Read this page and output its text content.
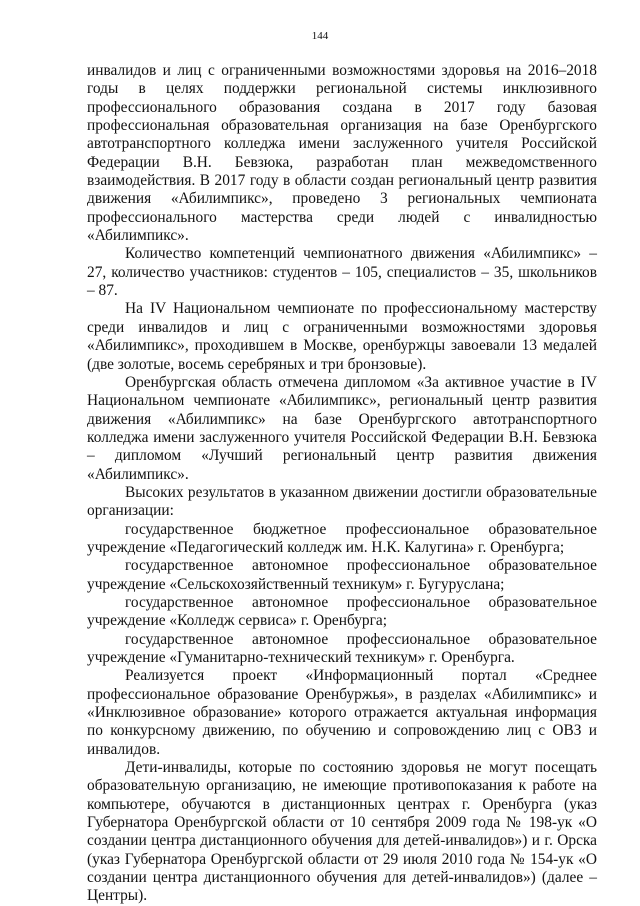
144

инвалидов и лиц с ограниченными возможностями здоровья на 2016–2018 годы в целях поддержки региональной системы инклюзивного профессионального образования создана в 2017 году базовая профессиональная образовательная организация на базе Оренбургского автотранспортного колледжа имени заслуженного учителя Российской Федерации В.Н. Бевзюка, разработан план межведомственного взаимодействия. В 2017 году в области создан региональный центр развития движения «Абилимпикс», проведено 3 региональных чемпионата профессионального мастерства среди людей с инвалидностью «Абилимпикс».

Количество компетенций чемпионатного движения «Абилимпикс» – 27, количество участников: студентов – 105, специалистов – 35, школьников – 87.

На IV Национальном чемпионате по профессиональному мастерству среди инвалидов и лиц с ограниченными возможностями здоровья «Абилимпикс», проходившем в Москве, оренбуржцы завоевали 13 медалей (две золотые, восемь серебряных и три бронзовые).

Оренбургская область отмечена дипломом «За активное участие в IV Национальном чемпионате «Абилимпикс», региональный центр развития движения «Абилимпикс» на базе Оренбургского автотранспортного колледжа имени заслуженного учителя Российской Федерации В.Н. Бевзюка – дипломом «Лучший региональный центр развития движения «Абилимпикс».

Высоких результатов в указанном движении достигли образовательные организации:

государственное бюджетное профессиональное образовательное учреждение «Педагогический колледж им. Н.К. Калугина» г. Оренбурга;

государственное автономное профессиональное образовательное учреждение «Сельскохозяйственный техникум» г. Бугуруслана;

государственное автономное профессиональное образовательное учреждение «Колледж сервиса» г. Оренбурга;

государственное автономное профессиональное образовательное учреждение «Гуманитарно-технический техникум» г. Оренбурга.

Реализуется проект «Информационный портал «Среднее профессиональное образование Оренбуржья», в разделах «Абилимпикс» и «Инклюзивное образование» которого отражается актуальная информация по конкурсному движению, по обучению и сопровождению лиц с ОВЗ и инвалидов.

Дети-инвалиды, которые по состоянию здоровья не могут посещать образовательную организацию, не имеющие противопоказания к работе на компьютере, обучаются в дистанционных центрах г. Оренбурга (указ Губернатора Оренбургской области от 10 сентября 2009 года № 198-ук «О создании центра дистанционного обучения для детей-инвалидов») и г. Орска (указ Губернатора Оренбургской области от 29 июля 2010 года № 154-ук «О создании центра дистанционного обучения для детей-инвалидов») (далее – Центры).
